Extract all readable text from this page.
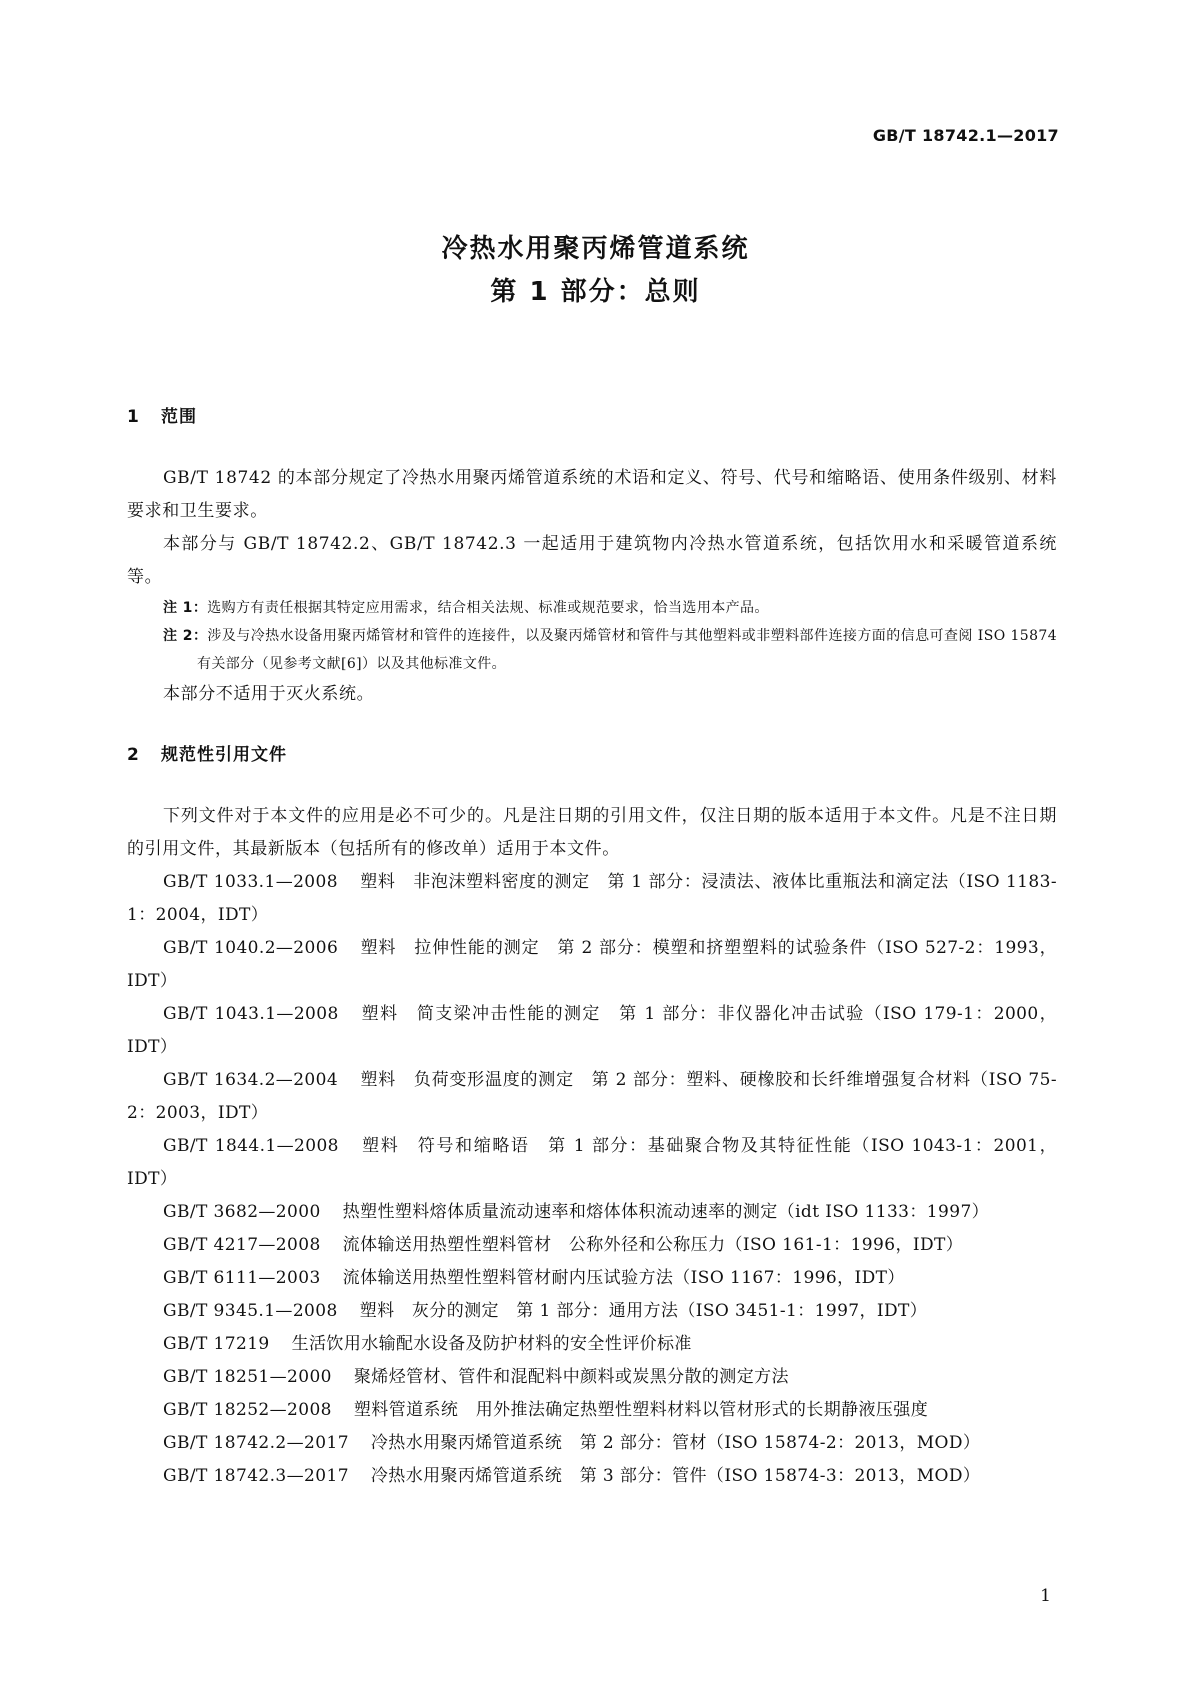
GB/T 18742.1—2017
冷热水用聚丙烯管道系统
第 1 部分：总则
1 范围
GB/T 18742 的本部分规定了冷热水用聚丙烯管道系统的术语和定义、符号、代号和缩略语、使用条件级别、材料要求和卫生要求。
本部分与 GB/T 18742.2、GB/T 18742.3 一起适用于建筑物内冷热水管道系统，包括饮用水和采暖管道系统等。
注 1：选购方有责任根据其特定应用需求，结合相关法规、标准或规范要求，恰当选用本产品。
注 2：涉及与冷热水设备用聚丙烯管材和管件的连接件，以及聚丙烯管材和管件与其他塑料或非塑料部件连接方面的信息可查阅 ISO 15874 有关部分（见参考文献[6]）以及其他标准文件。
本部分不适用于灭火系统。
2 规范性引用文件
下列文件对于本文件的应用是必不可少的。凡是注日期的引用文件，仅注日期的版本适用于本文件。凡是不注日期的引用文件，其最新版本（包括所有的修改单）适用于本文件。
GB/T 1033.1—2008 塑料　非泡沫塑料密度的测定　第 1 部分：浸渍法、液体比重瓶法和滴定法（ISO 1183-1：2004，IDT）
GB/T 1040.2—2006 塑料　拉伸性能的测定　第 2 部分：模塑和挤塑塑料的试验条件（ISO 527-2：1993，IDT）
GB/T 1043.1—2008 塑料　简支梁冲击性能的测定　第 1 部分：非仪器化冲击试验（ISO 179-1：2000，IDT）
GB/T 1634.2—2004 塑料　负荷变形温度的测定　第 2 部分：塑料、硬橡胶和长纤维增强复合材料（ISO 75-2：2003，IDT）
GB/T 1844.1—2008 塑料　符号和缩略语　第 1 部分：基础聚合物及其特征性能（ISO 1043-1：2001，IDT）
GB/T 3682—2000 热塑性塑料熔体质量流动速率和熔体体积流动速率的测定（idt ISO 1133：1997）
GB/T 4217—2008 流体输送用热塑性塑料管材　公称外径和公称压力（ISO 161-1：1996，IDT）
GB/T 6111—2003 流体输送用热塑性塑料管材耐内压试验方法（ISO 1167：1996，IDT）
GB/T 9345.1—2008 塑料　灰分的测定　第 1 部分：通用方法（ISO 3451-1：1997，IDT）
GB/T 17219 生活饮用水输配水设备及防护材料的安全性评价标准
GB/T 18251—2000 聚烯烃管材、管件和混配料中颜料或炭黑分散的测定方法
GB/T 18252—2008 塑料管道系统　用外推法确定热塑性塑料材料以管材形式的长期静液压强度
GB/T 18742.2—2017 冷热水用聚丙烯管道系统　第 2 部分：管材（ISO 15874-2：2013，MOD）
GB/T 18742.3—2017 冷热水用聚丙烯管道系统　第 3 部分：管件（ISO 15874-3：2013，MOD）
1
